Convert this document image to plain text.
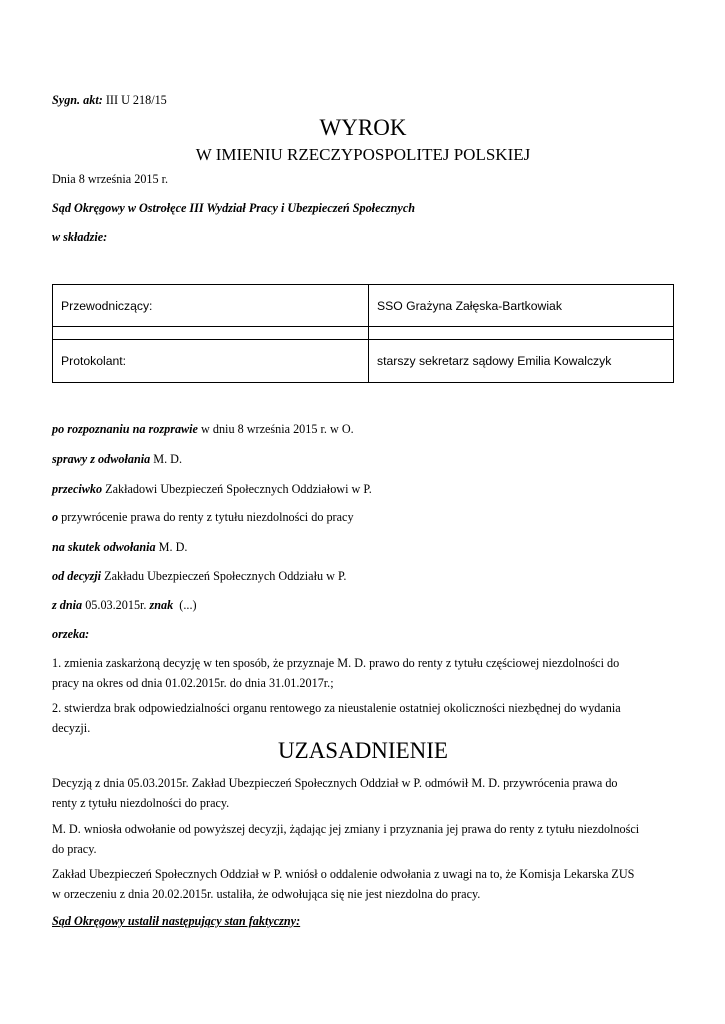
Sygn. akt: III U 218/15
WYROK
W IMIENIU RZECZYPOSPOLITEJ POLSKIEJ
Dnia 8 września 2015 r.
Sąd Okręgowy w Ostrołęce III Wydział Pracy i Ubezpieczeń Społecznych
w składzie:
Przewodniczący:	SSO Grażyna Załęska-Bartkowiak

Protokolant:	starszy sekretarz sądowy Emilia Kowalczyk
po rozpoznaniu na rozprawie w dniu 8 września 2015 r. w O.
sprawy z odwołania M. D.
przeciwko Zakładowi Ubezpieczeń Społecznych Oddziałowi w P.
o przywrócenie prawa do renty z tytułu niezdolności do pracy
na skutek odwołania M. D.
od decyzji Zakładu Ubezpieczeń Społecznych Oddziału w P.
z dnia 05.03.2015r. znak (...)
orzeka:
1. zmienia zaskarżoną decyzję w ten sposób, że przyznaje M. D. prawo do renty z tytułu częściowej niezdolności do
pracy na okres od dnia 01.02.2015r. do dnia 31.01.2017r.;
2. stwierdza brak odpowiedzialności organu rentowego za nieustalenie ostatniej okoliczności niezbędnej do wydania
decyzji.
UZASADNIENIE
Decyzją z dnia 05.03.2015r. Zakład Ubezpieczeń Społecznych Oddział w P. odmówił M. D. przywrócenia prawa do
renty z tytułu niezdolności do pracy.
M. D. wniosła odwołanie od powyższej decyzji, żądając jej zmiany i przyznania jej prawa do renty z tytułu niezdolności
do pracy.
Zakład Ubezpieczeń Społecznych Oddział w P. wniósł o oddalenie odwołania z uwagi na to, że Komisja Lekarska ZUS
w orzeczeniu z dnia 20.02.2015r. ustaliła, że odwołująca się nie jest niezdolna do pracy.
Sąd Okręgowy ustalił następujący stan faktyczny:
